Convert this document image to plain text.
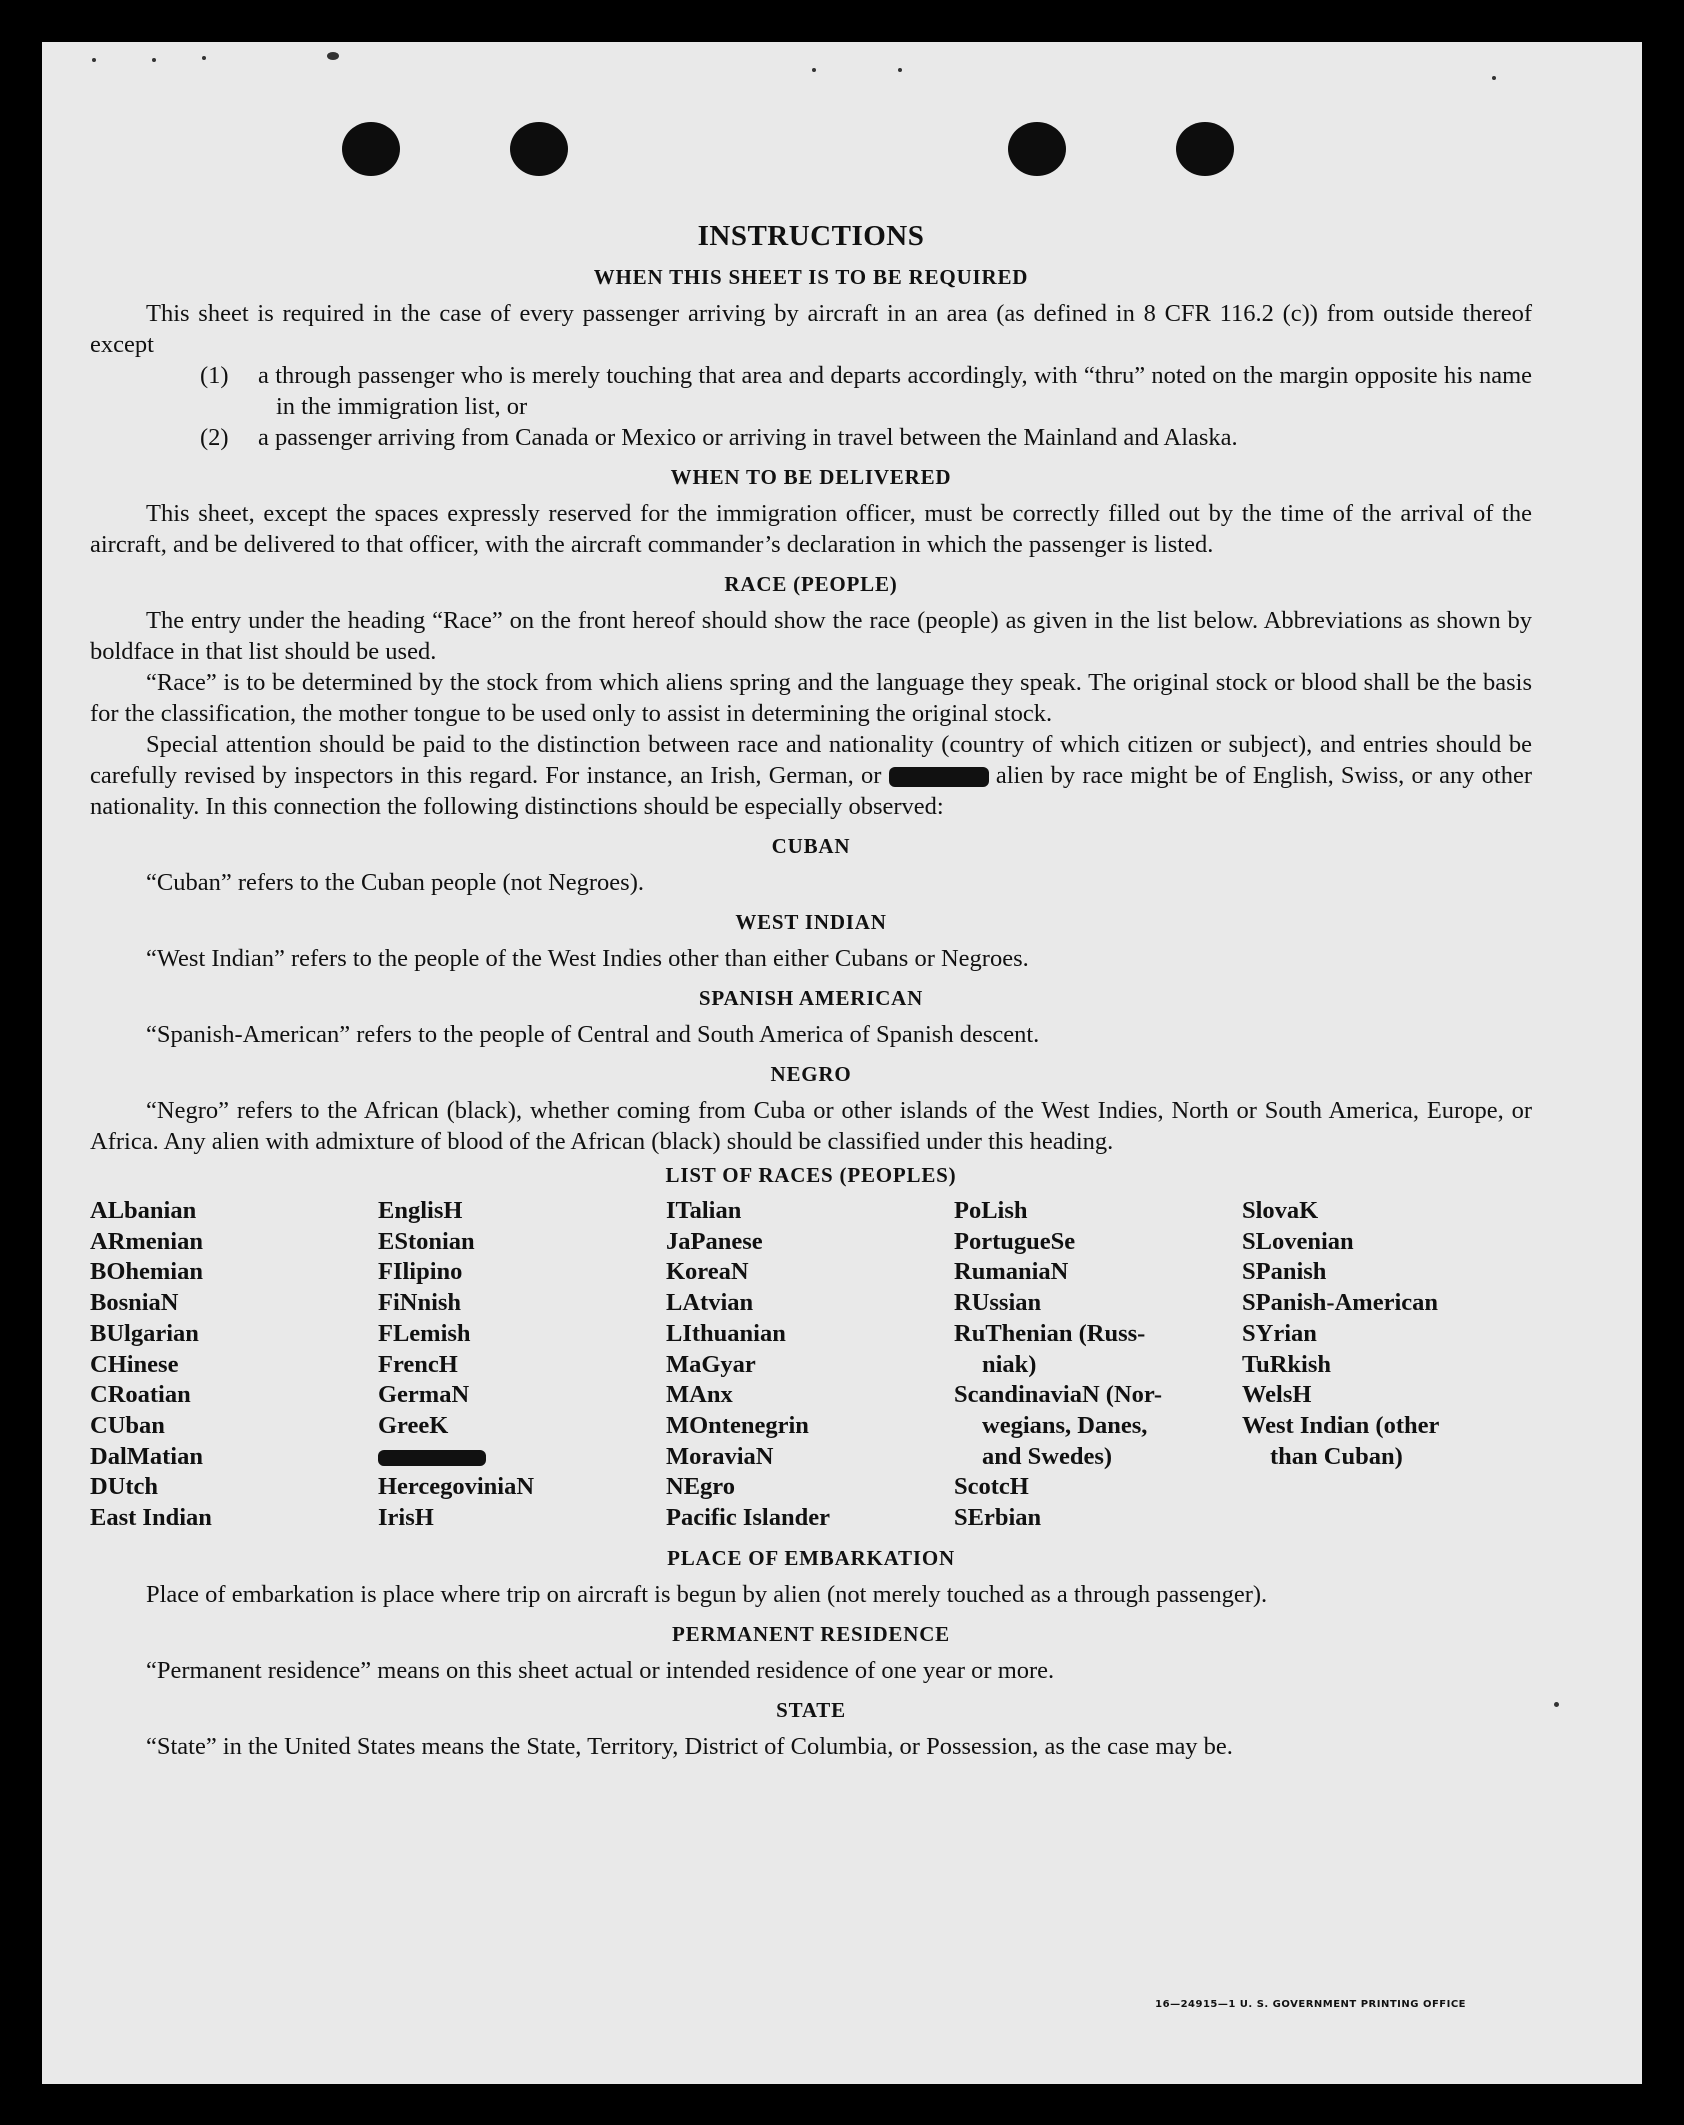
INSTRUCTIONS
WHEN THIS SHEET IS TO BE REQUIRED

This sheet is required in the case of every passenger arriving by aircraft in an area (as defined in 8 CFR 116.2 (c)) from outside thereof except

(1) a through passenger who is merely touching that area and departs accordingly, with “thru” noted on the margin opposite his name in the immigration list, or
(2) a passenger arriving from Canada or Mexico or arriving in travel between the Mainland and Alaska.
WHEN TO BE DELIVERED

This sheet, except the spaces expressly reserved for the immigration officer, must be correctly filled out by the time of the arrival of the aircraft, and be delivered to that officer, with the aircraft commander’s declaration in which the passenger is listed.

RACE (PEOPLE)

The entry under the heading “Race” on the front hereof should show the race (people) as given in the list below. Abbreviations as shown by boldface in that list should be used.

“Race” is to be determined by the stock from which aliens spring and the language they speak. The original stock or blood shall be the basis for the classification, the mother tongue to be used only to assist in determining the original stock.

Special attention should be paid to the distinction between race and nationality (country of which citizen or subject), and entries should be carefully revised by inspectors in this regard. For instance, an Irish, German, or	alien by race might be of English, Swiss, or any other nationality. In this connection the following distinctions should be especially observed:

CUBAN

“Cuban” refers to the Cuban people (not Negroes).

WEST INDIAN

“West Indian” refers to the people of the West Indies other than either Cubans or Negroes.

SPANISH AMERICAN

“Spanish-American” refers to the people of Central and South America of Spanish descent.

NEGRO

“Negro” refers to the African (black), whether coming from Cuba or other islands of the West Indies, North or South America, Europe, or Africa. Any alien with admixture of blood of the African (black) should be classified under this heading.

LIST OF RACES (PEOPLES)
ALbanian
ARmenian
BOhemian
BosniaN
BUlgarian
CHinese
CRoatian
CUban
DalMatian
DUtch
East Indian
EnglisH
EStonian
FIlipino
FiNnish
FLemish
FrencH
GermaN
GreeK
HercegoviniaN
IrisH
ITalian
JaPanese
KoreaN
LAtvian
LIthuanian
MaGyar
MAnx
MOntenegrin
MoraviaN
NEgro
Pacific Islander
PoLish
PortugueSe
RumaniaN
RUssian
RuThenian (Russ-
niak)
ScandinaviaN (Nor-
wegians, Danes,
and Swedes)
ScotcH
SErbian
SlovaK
SLovenian
SPanish
SPanish-American
SYrian
TuRkish
WelsH
West Indian (other
than Cuban)
PLACE OF EMBARKATION

Place of embarkation is place where trip on aircraft is begun by alien (not merely touched as a through passenger).

PERMANENT RESIDENCE

“Permanent residence” means on this sheet actual or intended residence of one year or more.

STATE

“State” in the United States means the State, Territory, District of Columbia, or Possession, as the case may be.

16—24915—1 U. S. GOVERNMENT PRINTING OFFICE
